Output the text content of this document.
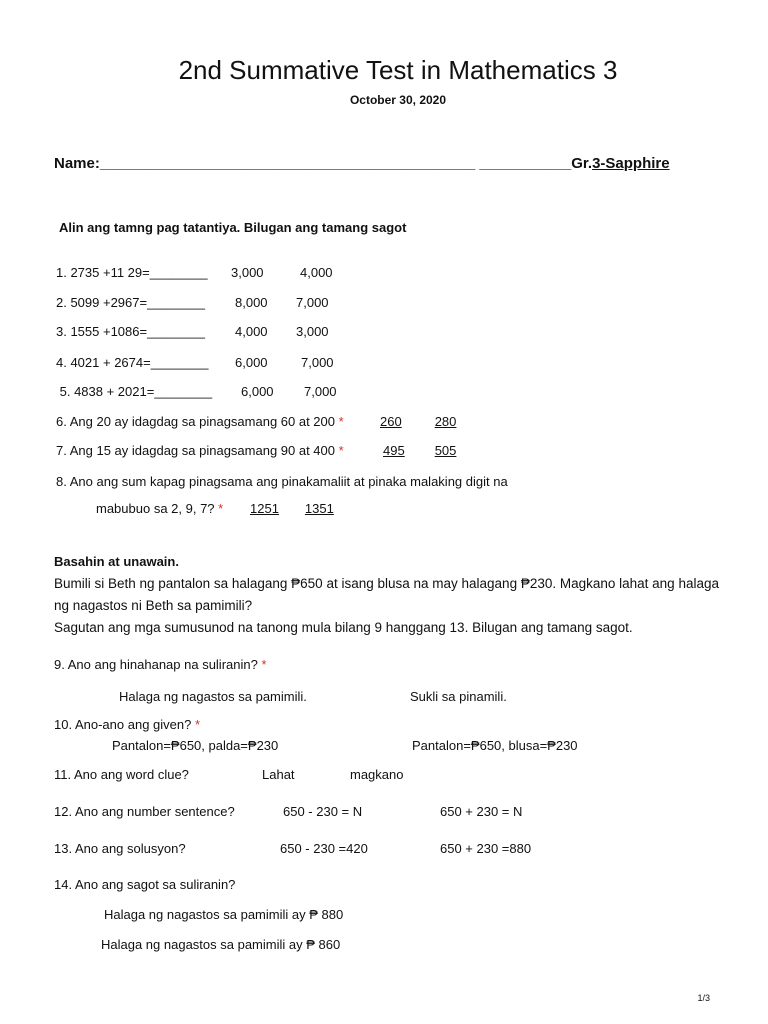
2nd Summative Test in Mathematics 3
October 30, 2020
Name:_____________________________________________ ___________Gr.3-Sapphire
Alin ang tamng pag tatantiya. Bilugan ang tamang sagot
1. 2735 +11 29=________ 3,000	4,000
2. 5099 +2967=________ 8,000 7,000
3. 1555 +1086=________ 4,000 3,000
4. 4021 + 2674=________ 6,000	7,000
5. 4838 + 2021=________ 6,000 7,000
6. Ang 20 ay idagdag sa pinagsamang 60 at 200 *	260	280
7. Ang 15 ay idagdag sa pinagsamang 90 at 400 *	495 505
8. Ano ang sum kapag pinagsama ang pinakamaliit at pinaka malaking digit na
mabubuo sa 2, 9, 7? * 1251 1351
Basahin at unawain.
Bumili si Beth ng pantalon sa halagang ₱650 at isang blusa na may halagang ₱230. Magkano lahat ang halaga ng nagastos ni Beth sa pamimili?
Sagutan ang mga sumusunod na tanong mula bilang 9 hanggang 13. Bilugan ang tamang sagot.
9. Ano ang hinahanap na suliranin? *
Halaga ng nagastos sa pamimili.	Sukli sa pinamili.
10. Ano-ano ang given? *
Pantalon=₱650, palda=₱230	Pantalon=₱650, blusa=₱230
11. Ano ang word clue?	Lahat	magkano
12. Ano ang number sentence?	650 - 230 = N	650 + 230 = N
13. Ano ang solusyon?	650 - 230 =420	650 + 230 =880
14. Ano ang sagot sa suliranin?
Halaga ng nagastos sa pamimili ay ₱ 880
Halaga ng nagastos sa pamimili ay ₱ 860
1/3
